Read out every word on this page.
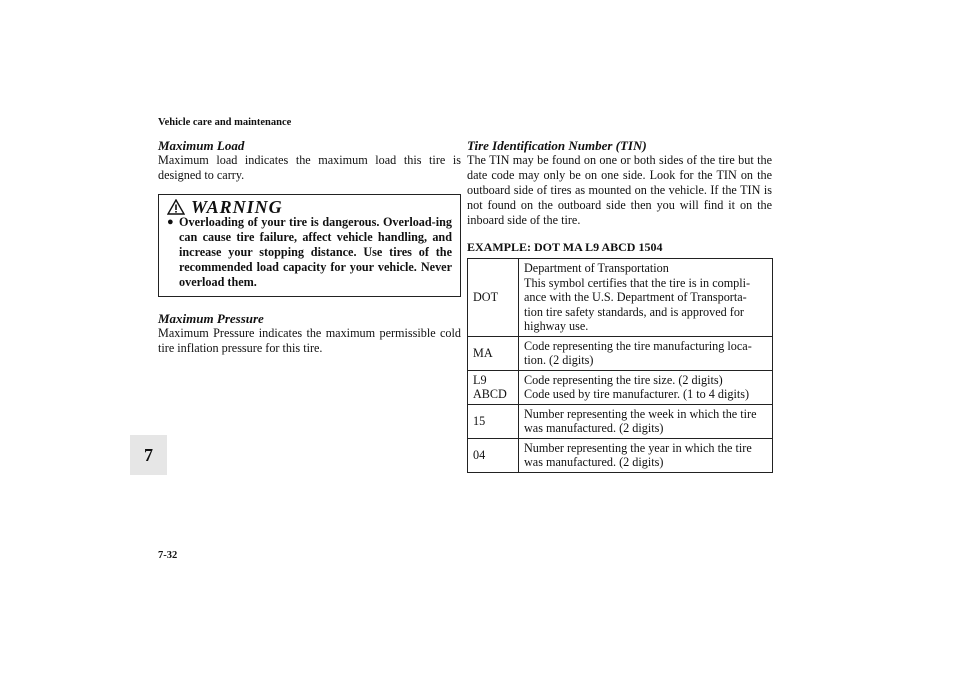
Vehicle care and maintenance
7
7-32

Maximum Load

Maximum load indicates the maximum load this tire is designed to carry.

WARNING
● Overloading of your tire is dangerous. Overload-ing can cause tire failure, affect vehicle handling, and increase your stopping distance. Use tires of the recommended load capacity for your vehicle. Never overload them.

Maximum Pressure

Maximum Pressure indicates the maximum permissible cold tire inflation pressure for this tire.

Tire Identification Number (TIN)

The TIN may be found on one or both sides of the tire but the date code may only be on one side. Look for the TIN on the outboard side of tires as mounted on the vehicle. If the TIN is not found on the outboard side then you will find it on the inboard side of the tire.

EXAMPLE: DOT MA L9 ABCD 1504
DOT	Department of Transportation
This symbol certifies that the tire is in compli-
ance with the U.S. Department of Transporta-
tion tire safety standards, and is approved for
highway use.
MA	Code representing the tire manufacturing loca-
tion. (2 digits)
L9
ABCD	Code representing the tire size. (2 digits)
Code used by tire manufacturer. (1 to 4 digits)
15	Number representing the week in which the tire
was manufactured. (2 digits)
04	Number representing the year in which the tire
was manufactured. (2 digits)
